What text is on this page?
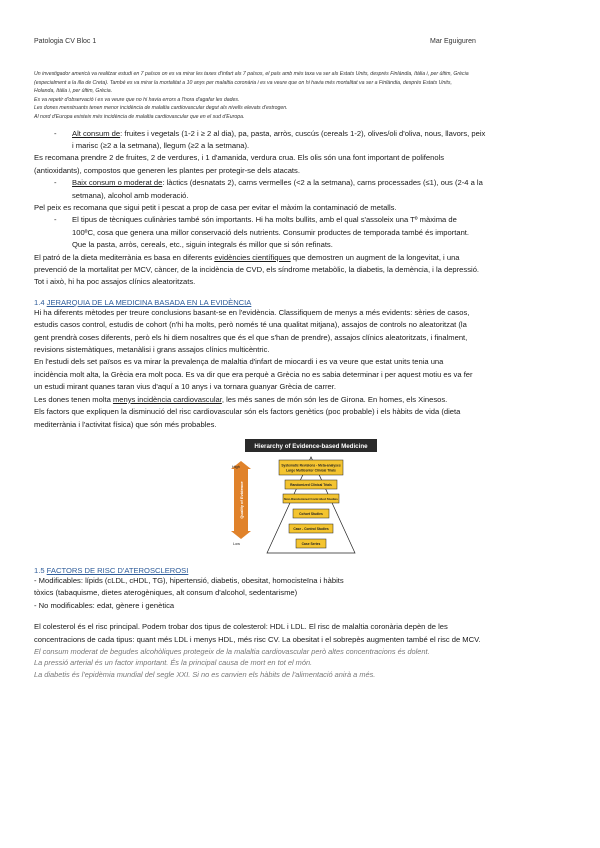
Patologia CV Bloc 1	Mar Eguiguren

Un investigador americà va realitzar estudi en 7 països on es va mirar les taxes d'infart als 7 països, el país amb més taxa va ser als Estats Units, després Finlàndia, Itàlia i, per últim, Grècia

(especialment a la illa de Creta). També es va mirar la mortalitat a 10 anys per malaltia coronària i es va veure que on hi havia més mortalitat va ser a Finlàndia, després Estats Units,

Holanda, Itàlia i, per últim, Grècia.

Es va repetir d'observació i es va veure que no hi havia errors a l'hora d'agafar les dades.

Les dones menstruants tenen menor incidència de malaltia cardiovascular degut als nivells elevats d'estrogen.

Al nord d'Europa existeix més incidència de malaltia cardiovascular que en el sud d'Europa.

- Alt consum de: fruites i vegetals (1-2 i ≥ 2 al dia), pa, pasta, arròs, cuscús (cereals 1-2), olives/oli d'oliva, nous, llavors, peix

i marisc (≥2 a la setmana), llegum (≥2 a la setmana).

Es recomana prendre 2 de fruites, 2 de verdures, i 1 d'amanida, verdura crua. Els olis són una font important de polifenols

(antioxidants), compostos que generen les plantes per protegir-se dels atacats.

- Baix consum o moderat de: làctics (desnatats 2), carns vermelles (<2 a la setmana), carns processades (≤1), ous (2-4 a la

setmana), alcohol amb moderació.

Pel peix es recomana que sigui petit i pescat a prop de casa per evitar el màxim la contaminació de metalls.

- El tipus de tècniques culinàries també són importants. Hi ha molts bullits, amb el qual s'assoleix una Tº màxima de

100ºC, cosa que genera una millor conservació dels nutrients. Consumir productes de temporada també és important.

Que la pasta, arròs, cereals, etc., siguin integrals és millor que si són refinats.

El patró de la dieta mediterrània es basa en diferents evidències científiques que demostren un augment de la longevitat, i una

prevenció de la mortalitat per MCV, càncer, de la incidència de CVD, els síndrome metabòlic, la diabetis, la demència, i la depressió.

Tot i això, hi ha poc assajos clínics aleatoritzats.

1.4 JERARQUIA DE LA MEDICINA BASADA EN LA EVIDÈNCIA

Hi ha diferents mètodes per treure conclusions basant-se en l'evidència. Classifiquem de menys a més evidents: sèries de casos,

estudis casos control, estudis de cohort (n'hi ha molts, però només té una qualitat mitjana), assajos de controls no aleatoritzat (la

gent prendrà coses diferents, però els hi diem nosaltres que és el que s'han de prendre), assajos clínics aleatoritzats, i finalment,

revisions sistemàtiques, metanàlisi i grans assajos clínics multicèntric.

En l'estudi dels set països es va mirar la prevalença de malaltia d'infart de miocardi i es va veure que estat units tenia una

incidència molt alta, la Grècia era molt poca. Es va dir que era perquè a Grècia no es sabia determinar i per aquest motiu es va fer

un estudi mirant quanes taran vius d'aquí a 10 anys i va tornara guanyar Grècia de carrer.

Les dones tenen molta menys incidència cardiovascular, les més sanes de món són les de Girona. En homes, els Xinesos.

Els factors que expliquen la disminució del risc cardiovascular són els factors genètics (poc probable) i els hàbits de vida (dieta

mediterrània i l'activitat física) que són més probables.

Hierarchy of Evidence-based Medicine
High
Low
Quality of Evidence
Systematic Revisions - Meta-analyses
Large Multicenter Clinical Trials
Randomized Clinical Trials
Non-Randomized Controlled Studies
Cohort Studies
Case - Control Studies
Case Series
1.5 FACTORS DE RISC D'ATEROSCLEROSI

- Modificables: lípids (cLDL, cHDL, TG), hipertensió, diabetis, obesitat, homocisteïna i hàbits

tòxics (tabaquisme, dietes aterogèniques, alt consum d'alcohol, sedentarisme)

- No modificables: edat, gènere i genètica

El colesterol és el risc principal. Podem trobar dos tipus de colesterol: HDL i LDL. El risc de malaltia coronària depèn de les

concentracions de cada tipus: quant més LDL i menys HDL, més risc CV. La obesitat i el sobrepès augmenten també el risc de MCV.

El consum moderat de begudes alcohòliques protegeix de la malaltia cardiovascular però altes concentracions és dolent.

La pressió arterial és un factor important. És la principal causa de mort en tot el món.

La diabetis és l'epidèmia mundial del segle XXI. Si no es canvien els hàbits de l'alimentació anirà a més.
